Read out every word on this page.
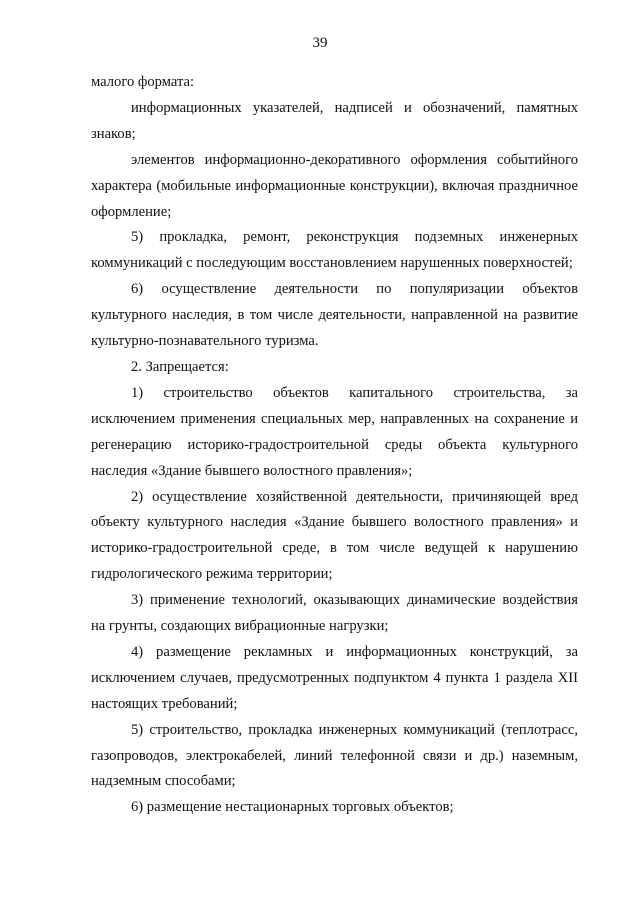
39

малого формата:

информационных указателей, надписей и обозначений, памятных знаков;

элементов информационно-декоративного оформления событийного характера (мобильные информационные конструкции), включая праздничное оформление;

5) прокладка, ремонт, реконструкция подземных инженерных коммуникаций с последующим восстановлением нарушенных поверхностей;

6) осуществление деятельности по популяризации объектов культурного наследия, в том числе деятельности, направленной на развитие культурно-познавательного туризма.

2. Запрещается:

1) строительство объектов капитального строительства, за исключением применения специальных мер, направленных на сохранение и регенерацию историко-градостроительной среды объекта культурного наследия «Здание бывшего волостного правления»;

2) осуществление хозяйственной деятельности, причиняющей вред объекту культурного наследия «Здание бывшего волостного правления» и историко-градостроительной среде, в том числе ведущей к нарушению гидрологического режима территории;

3) применение технологий, оказывающих динамические воздействия на грунты, создающих вибрационные нагрузки;

4) размещение рекламных и информационных конструкций, за исключением случаев, предусмотренных подпунктом 4 пункта 1 раздела XII настоящих требований;

5) строительство, прокладка инженерных коммуникаций (теплотрасс, газопроводов, электрокабелей, линий телефонной связи и др.) наземным, надземным способами;

6) размещение нестационарных торговых объектов;
